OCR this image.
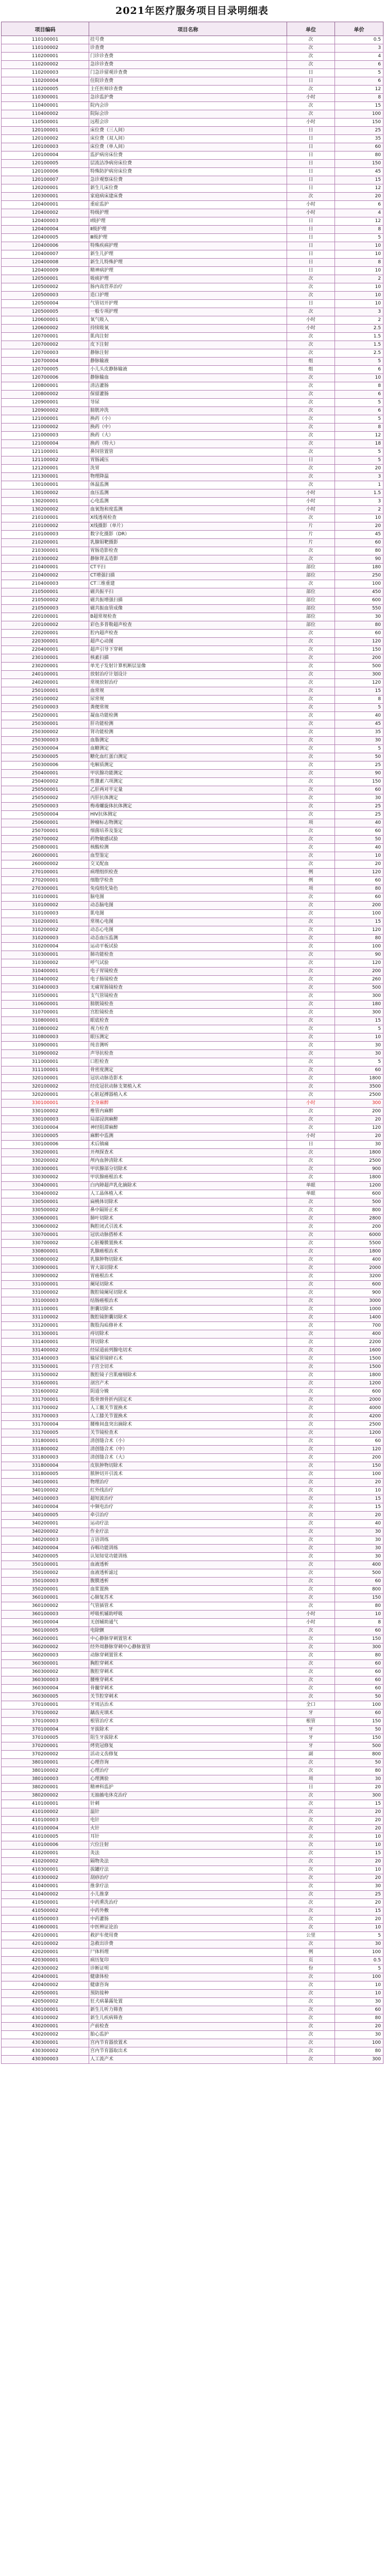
2021年医疗服务项目目录明细表
项目编码	项目名称	单位	单价
110100001	挂号费	次	0.5
110100002	诊查费	次	3
110200001	门诊诊查费	次	4
110200002	急诊诊查费	次	6
110200003	门急诊留观诊查费	日	5
110200004	住院诊查费	日	6
110200005	主任医师诊查费	次	12
110300001	急诊监护费	小时	8
110400001	院内会诊	次	15
110400002	院际会诊	次	100
110500001	远程会诊	小时	150
120100001	床位费（三人间）	日	25
120100002	床位费（双人间）	日	35
120100003	床位费（单人间）	日	60
120100004	监护病房床位费	日	80
120100005	层流洁净病房床位费	日	150
120100006	特殊防护病房床位费	日	45
120100007	急诊观察床位费	日	15
120200001	新生儿床位费	日	12
120300001	家庭病床建床费	次	20
120400001	重症监护	小时	6
120400002	特级护理	小时	4
120400003	Ⅰ级护理	日	12
120400004	Ⅱ级护理	日	8
120400005	Ⅲ级护理	日	5
120400006	特殊疾病护理	日	10
120400007	新生儿护理	日	10
120400008	新生儿特殊护理	日	8
120400009	精神病护理	日	10
120500001	吸痰护理	次	2
120500002	肠内高营养治疗	次	10
120500003	造口护理	次	10
120500004	气管切开护理	日	10
120500005	一般专项护理	次	3
120600001	氧气吸入	小时	2
120600002	持续吸氧	小时	2.5
120700001	肌肉注射	次	1.5
120700002	皮下注射	次	1.5
120700003	静脉注射	次	2.5
120700004	静脉输液	组	5
120700005	小儿头皮静脉输液	组	6
120700006	静脉输血	次	10
120800001	清洁灌肠	次	8
120800002	保留灌肠	次	6
120900001	导尿	次	5
120900002	膀胱冲洗	次	6
121000001	换药（小）	次	5
121000002	换药（中）	次	8
121000003	换药（大）	次	12
121000004	换药（特大）	次	18
121100001	鼻饲管置管	次	5
121100002	胃肠减压	日	5
121200001	洗胃	次	20
121300001	物理降温	次	3
130100001	体温监测	次	1
130100002	血压监测	小时	1.5
130200001	心电监测	小时	3
130200002	血氧饱和度监测	小时	2
210100001	X线透视检查	次	10
210100002	X线摄影（单片）	片	20
210100003	数字化摄影（DR）	片	45
210200001	乳腺钼靶摄影	片	60
210300001	胃肠造影检查	次	80
210300002	静脉肾盂造影	次	90
210400001	CT平扫	部位	180
210400002	CT增强扫描	部位	250
210400003	CT三维重建	次	100
210500001	磁共振平扫	部位	450
210500002	磁共振增强扫描	部位	600
210500003	磁共振血管成像	部位	550
220100001	B超常规检查	部位	30
220100002	彩色多普勒超声检查	部位	80
220200001	腔内超声检查	次	60
220300001	超声心动图	次	120
220400001	超声引导下穿刺	次	150
230100001	核素扫描	次	200
230200001	单光子发射计算机断层显像	次	500
240100001	放射治疗计划设计	次	300
240200001	常规放射治疗	次	120
250100001	血常规	次	15
250100002	尿常规	次	8
250100003	粪便常规	次	5
250200001	凝血功能检测	次	40
250300001	肝功能检测	次	45
250300002	肾功能检测	次	35
250300003	血脂测定	次	30
250300004	血糖测定	次	5
250300005	糖化血红蛋白测定	次	50
250300006	电解质测定	次	25
250400001	甲状腺功能测定	次	90
250400002	性激素六项测定	次	150
250500001	乙肝两对半定量	次	60
250500002	丙肝抗体测定	次	30
250500003	梅毒螺旋体抗体测定	次	25
250500004	HIV抗体测定	次	25
250600001	肿瘤标志物测定	项	40
250700001	细菌培养及鉴定	次	60
250700002	药物敏感试验	次	50
250800001	核酸检测	次	40
260000001	血型鉴定	次	10
260000002	交叉配血	次	20
270100001	病理组织检查	例	120
270200001	细胞学检查	例	60
270300001	免疫组化染色	项	80
310100001	脑电图	次	60
310100002	动态脑电图	次	200
310100003	肌电图	次	100
310200001	常规心电图	次	15
310200002	动态心电图	次	120
310200003	动态血压监测	次	80
310200004	运动平板试验	次	100
310300001	肺功能检查	次	90
310300002	呼气试验	次	120
310400001	电子胃镜检查	次	200
310400002	电子肠镜检查	次	260
310400003	无痛胃肠镜检查	次	500
310500001	支气管镜检查	次	300
310600001	膀胱镜检查	次	180
310700001	宫腔镜检查	次	300
310800001	眼底检查	次	15
310800002	视力检查	次	5
310800003	眼压测定	次	10
310900001	纯音测听	次	30
310900002	声导抗检查	次	30
311000001	口腔检查	次	5
311100001	骨密度测定	次	60
320100001	冠状动脉造影术	次	1800
320100002	经皮冠状动脉支架植入术	次	3500
320200001	心脏起搏器植入术	次	2500
330100001	全身麻醉	小时	300
330100002	椎管内麻醉	次	200
330100003	局部浸润麻醉	次	20
330100004	神经阻滞麻醉	次	120
330100005	麻醉中监测	小时	20
330100006	术后镇痛	日	30
330200001	开颅探查术	次	1800
330200002	颅内血肿清除术	次	2500
330300001	甲状腺部分切除术	次	900
330300002	甲状腺癌根治术	次	1800
330400001	白内障超声乳化摘除术	单眼	1200
330400002	人工晶体植入术	单眼	600
330500001	扁桃体切除术	次	500
330500002	鼻中隔矫正术	次	800
330600001	肺叶切除术	次	2800
330600002	胸腔闭式引流术	次	200
330700001	冠状动脉搭桥术	次	6000
330700002	心脏瓣膜置换术	次	5500
330800001	乳腺癌根治术	次	1800
330800002	乳腺肿物切除术	次	400
330900001	胃大部切除术	次	2000
330900002	胃癌根治术	次	3200
331000001	阑尾切除术	次	600
331000002	腹腔镜阑尾切除术	次	900
331000003	结肠癌根治术	次	3000
331100001	胆囊切除术	次	1000
331100002	腹腔镜胆囊切除术	次	1400
331200001	腹股沟疝修补术	次	700
331300001	痔切除术	次	400
331400001	肾切除术	次	2200
331400002	经尿道前列腺电切术	次	1600
331400003	输尿管镜碎石术	次	1500
331500001	子宫全切术	次	1500
331500002	腹腔镜子宫肌瘤剔除术	次	1800
331600001	剖宫产术	次	1200
331600002	阴道分娩	次	600
331700001	股骨颈骨折内固定术	次	2000
331700002	人工髋关节置换术	次	4000
331700003	人工膝关节置换术	次	4200
331700004	腰椎间盘突出摘除术	次	2500
331700005	关节镜检查术	次	1200
331800001	清创缝合术（小）	次	60
331800002	清创缝合术（中）	次	120
331800003	清创缝合术（大）	次	200
331800004	皮肤肿物切除术	次	150
331800005	脓肿切开引流术	次	100
340100001	物理治疗	次	20
340100002	红外线治疗	次	10
340100003	超短波治疗	次	15
340100004	中频电治疗	次	15
340100005	牵引治疗	次	20
340200001	运动疗法	次	40
340200002	作业疗法	次	30
340200003	言语训练	次	30
340200004	吞咽功能训练	次	30
340200005	认知知觉功能训练	次	30
350100001	血液透析	次	400
350100002	血液透析滤过	次	500
350100003	腹膜透析	次	60
350200001	血浆置换	次	800
360100001	心肺复苏术	次	150
360100002	气管插管术	次	80
360100003	呼吸机辅助呼吸	小时	10
360100004	无创辅助通气	小时	8
360100005	电除颤	次	60
360200001	中心静脉穿刺置管术	次	150
360200002	经外周静脉穿刺中心静脉置管	次	300
360200003	动脉穿刺置管术	次	80
360300001	胸腔穿刺术	次	60
360300002	腹腔穿刺术	次	60
360300003	腰椎穿刺术	次	60
360300004	骨髓穿刺术	次	60
360300005	关节腔穿刺术	次	50
370100001	牙周洁治术	全口	100
370100002	龋齿充填术	牙	60
370100003	根管治疗术	根管	150
370100004	牙拔除术	牙	50
370100005	阻生牙拔除术	牙	150
370200001	烤瓷冠修复	牙	500
370200002	活动义齿修复	副	800
380100001	心理咨询	次	50
380100002	心理治疗	次	80
380100003	心理测验	项	30
380200001	精神科监护	日	20
380200002	无抽搐电休克治疗	次	300
410100001	针刺	次	15
410100002	温针	次	20
410100003	电针	次	20
410100004	火针	次	20
410100005	耳针	次	10
410100006	穴位注射	次	10
410200001	灸法	次	15
410200002	隔物灸法	次	20
410300001	拔罐疗法	次	10
410300002	刮痧治疗	次	20
410400001	推拿疗法	次	30
410400002	小儿推拿	次	25
410500001	中药熏洗治疗	次	20
410500002	中药外敷	次	15
410500003	中药灌肠	次	20
410600001	中医辨证论治	次	10
420100001	救护车使用费	公里	5
420100002	急救出诊费	次	30
420200001	尸体料理	例	100
420300001	病历复印	页	0.5
420300002	诊断证明	份	5
420400001	健康体检	次	100
420400002	健康咨询	次	10
420500001	预防接种	次	10
420500002	狂犬病暴露处置	次	30
430100001	新生儿听力筛查	次	60
430100002	新生儿疾病筛查	次	80
430200001	产前检查	次	20
430200002	胎心监护	次	30
430300001	宫内节育器放置术	次	100
430300002	宫内节育器取出术	次	80
430300003	人工流产术	次	300
